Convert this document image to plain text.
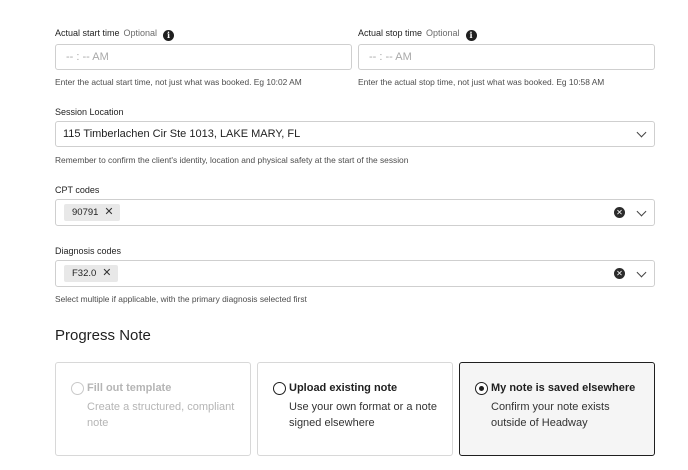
Actual start time Optional i
-- : -- AM
Enter the actual start time, not just what was booked. Eg 10:02 AM
Actual stop time Optional i
-- : -- AM
Enter the actual stop time, not just what was booked. Eg 10:58 AM
Session Location
115 Timberlachen Cir Ste 1013, LAKE MARY, FL
Remember to confirm the client's identity, location and physical safety at the start of the session
CPT codes
90791 ✕	✕
Diagnosis codes
F32.0 ✕	✕
Select multiple if applicable, with the primary diagnosis selected first
Progress Note
Fill out template
Create a structured, compliant note
Upload existing note
Use your own format or a note signed elsewhere
My note is saved elsewhere
Confirm your note exists outside of Headway
